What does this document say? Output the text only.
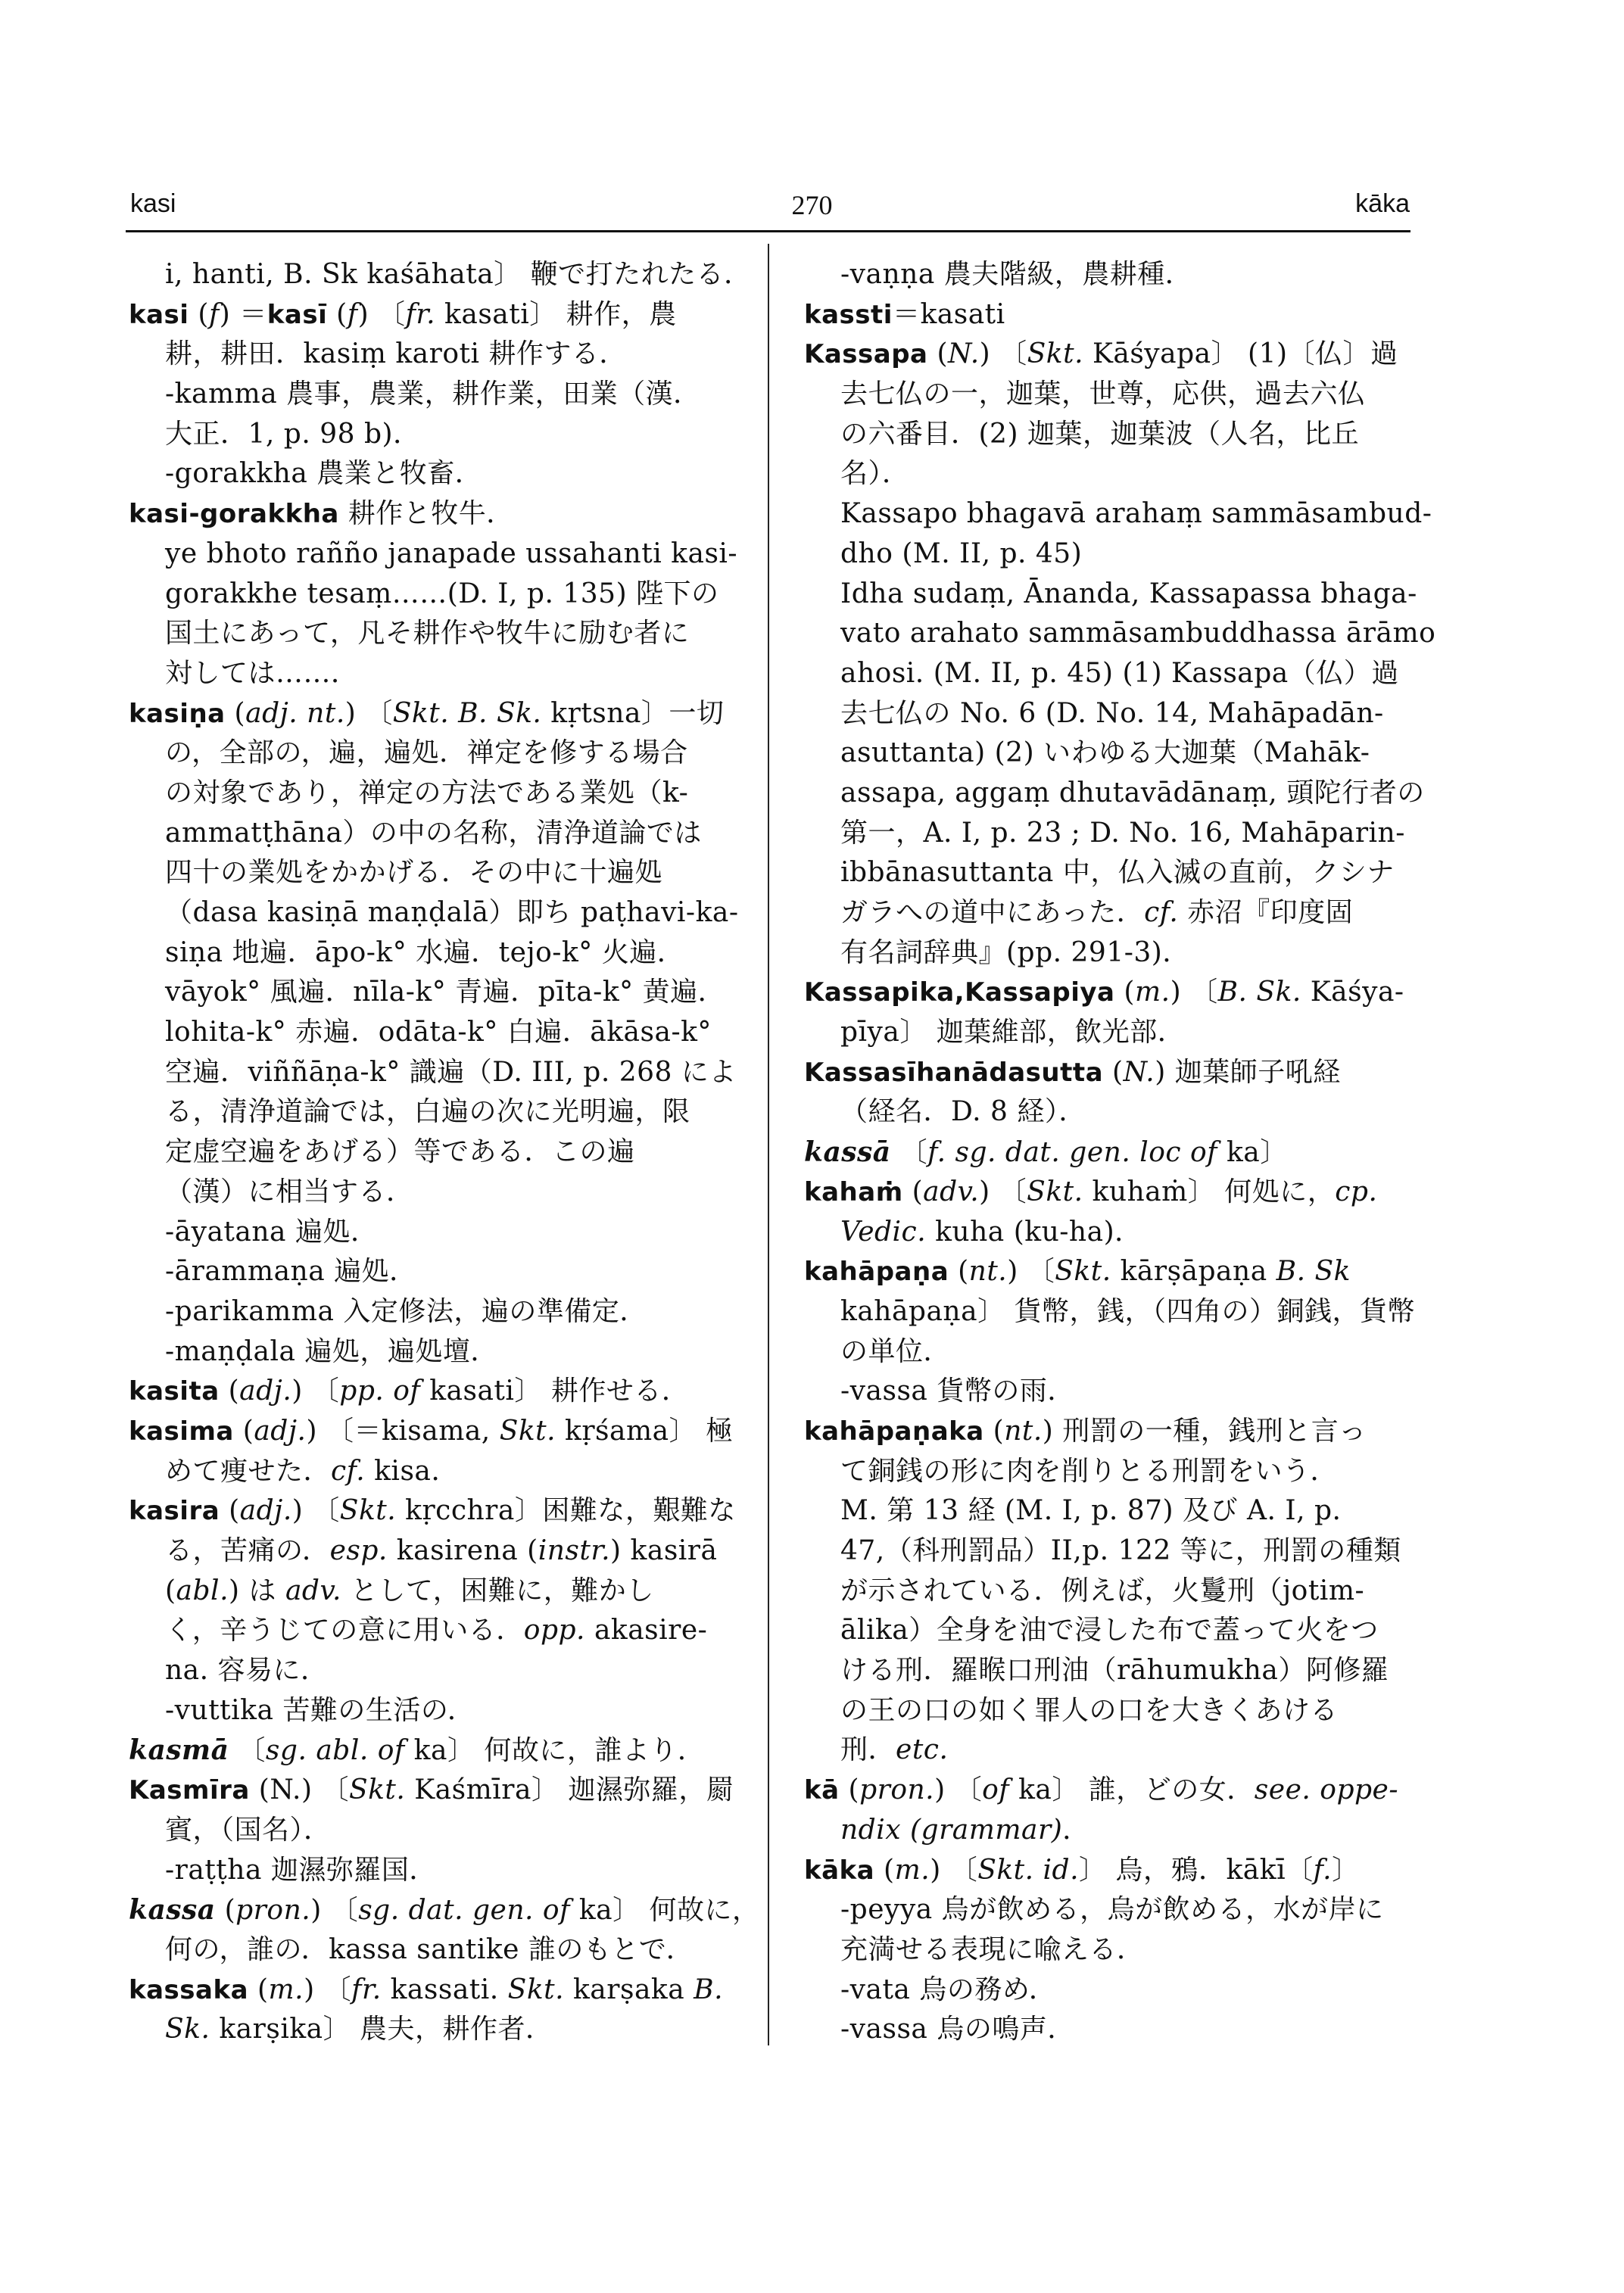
kasi	270	kāka
i, hanti, B. Sk kaśāhata〕 鞭で打たれたる．
kasi (f) ＝kasī (f) 〔fr. kasati〕 耕作，農
耕，耕田．kasiṃ karoti 耕作する．
-kamma 農事，農業，耕作業，田業（漢．
大正．1, p. 98 b)．
-gorakkha 農業と牧畜．
kasi-gorakkha 耕作と牧牛．
ye bhoto rañño janapade ussahanti kasi-
gorakkhe tesaṃ……(D. I, p. 135) 陛下の
国土にあって，凡そ耕作や牧牛に励む者に
対しては……．
kasiṇa (adj. nt.) 〔Skt. B. Sk. kṛtsna〕一切
の，全部の，遍，遍処．禅定を修する場合
の対象であり，禅定の方法である業処（k-
ammatṭhāna）の中の名称，清浄道論では
四十の業処をかかげる．その中に十遍処
（dasa kasiṇā maṇḍalā）即ち paṭhavi-ka-
siṇa 地遍．āpo-k° 水遍．tejo-k° 火遍．
vāyok° 風遍．nīla-k° 青遍．pīta-k° 黄遍．
lohita-k° 赤遍．odāta-k° 白遍．ākāsa-k°
空遍．viññāṇa-k° 識遍（D. III, p. 268 によ
る，清浄道論では，白遍の次に光明遍，限
定虚空遍をあげる）等である．この遍
（漢）に相当する．
-āyatana 遍処．
-ārammaṇa 遍処．
-parikamma 入定修法，遍の準備定．
-maṇḍala 遍処，遍処壇．
kasita (adj.) 〔pp. of kasati〕 耕作せる．
kasima (adj.) 〔＝kisama, Skt. kṛśama〕 極
めて痩せた．cf. kisa.
kasira (adj.) 〔Skt. kṛcchra〕困難な，艱難な
る，苦痛の．esp. kasirena (instr.) kasirā
(abl.) は adv. として，困難に，難かし
く，辛うじての意に用いる．opp. akasire-
na. 容易に．
-vuttika 苦難の生活の．
kasmā 〔sg. abl. of ka〕 何故に，誰より．
Kasmīra (N.) 〔Skt. Kaśmīra〕 迦濕弥羅，罽
賓，（国名）．
-raṭṭha 迦濕弥羅国．
kassa (pron.) 〔sg. dat. gen. of ka〕 何故に，
何の，誰の．kassa santike 誰のもとで．
kassaka (m.) 〔fr. kassati. Skt. karṣaka B.
Sk. karṣika〕 農夫，耕作者．
-vaṇṇa 農夫階級，農耕種．
kassti＝kasati
Kassapa (N.) 〔Skt. Kāśyapa〕 (1)〔仏〕過
去七仏の一，迦葉，世尊，応供，過去六仏
の六番目．(2) 迦葉，迦葉波（人名，比丘
名）．
Kassapo bhagavā arahaṃ sammāsambud-
dho (M. II, p. 45)
Idha sudaṃ, Ānanda, Kassapassa bhaga-
vato arahato sammāsambuddhassa ārāmo
ahosi. (M. II, p. 45) (1) Kassapa（仏）過
去七仏の No. 6 (D. No. 14, Mahāpadān-
asuttanta) (2) いわゆる大迦葉（Mahāk-
assapa, aggaṃ dhutavādānaṃ, 頭陀行者の
第一，A. I, p. 23 ; D. No. 16, Mahāparin-
ibbānasuttanta 中，仏入滅の直前，クシナ
ガラへの道中にあった．cf. 赤沼『印度固
有名詞辞典』(pp. 291-3)．
Kassapika,Kassapiya (m.) 〔B. Sk. Kāśya-
pīya〕 迦葉維部，飲光部．
Kassasīhanādasutta (N.) 迦葉師子吼経
（経名．D. 8 経）．
kassā 〔f. sg. dat. gen. loc of ka〕
kahaṁ (adv.) 〔Skt. kuhaṁ〕 何処に，cp.
Vedic. kuha (ku-ha)．
kahāpaṇa (nt.) 〔Skt. kārṣāpaṇa B. Sk
kahāpaṇa〕 貨幣，銭，（四角の）銅銭，貨幣
の単位．
-vassa 貨幣の雨．
kahāpaṇaka (nt.) 刑罰の一種，銭刑と言っ
て銅銭の形に肉を削りとる刑罰をいう．
M. 第 13 経 (M. I, p. 87) 及び A. I, p.
47,（科刑罰品）II,p. 122 等に，刑罰の種類
が示されている．例えば，火鬘刑（jotim-
ālika）全身を油で浸した布で蓋って火をつ
ける刑．羅睺口刑油（rāhumukha）阿修羅
の王の口の如く罪人の口を大きくあける
刑．etc.
kā (pron.) 〔of ka〕 誰，どの女．see. oppe-
ndix (grammar)．
kāka (m.) 〔Skt. id.〕 烏，鴉．kākī〔f.〕
-peyya 烏が飲める，烏が飲める，水が岸に
充満せる表現に喩える．
-vata 烏の務め．
-vassa 烏の鳴声．
